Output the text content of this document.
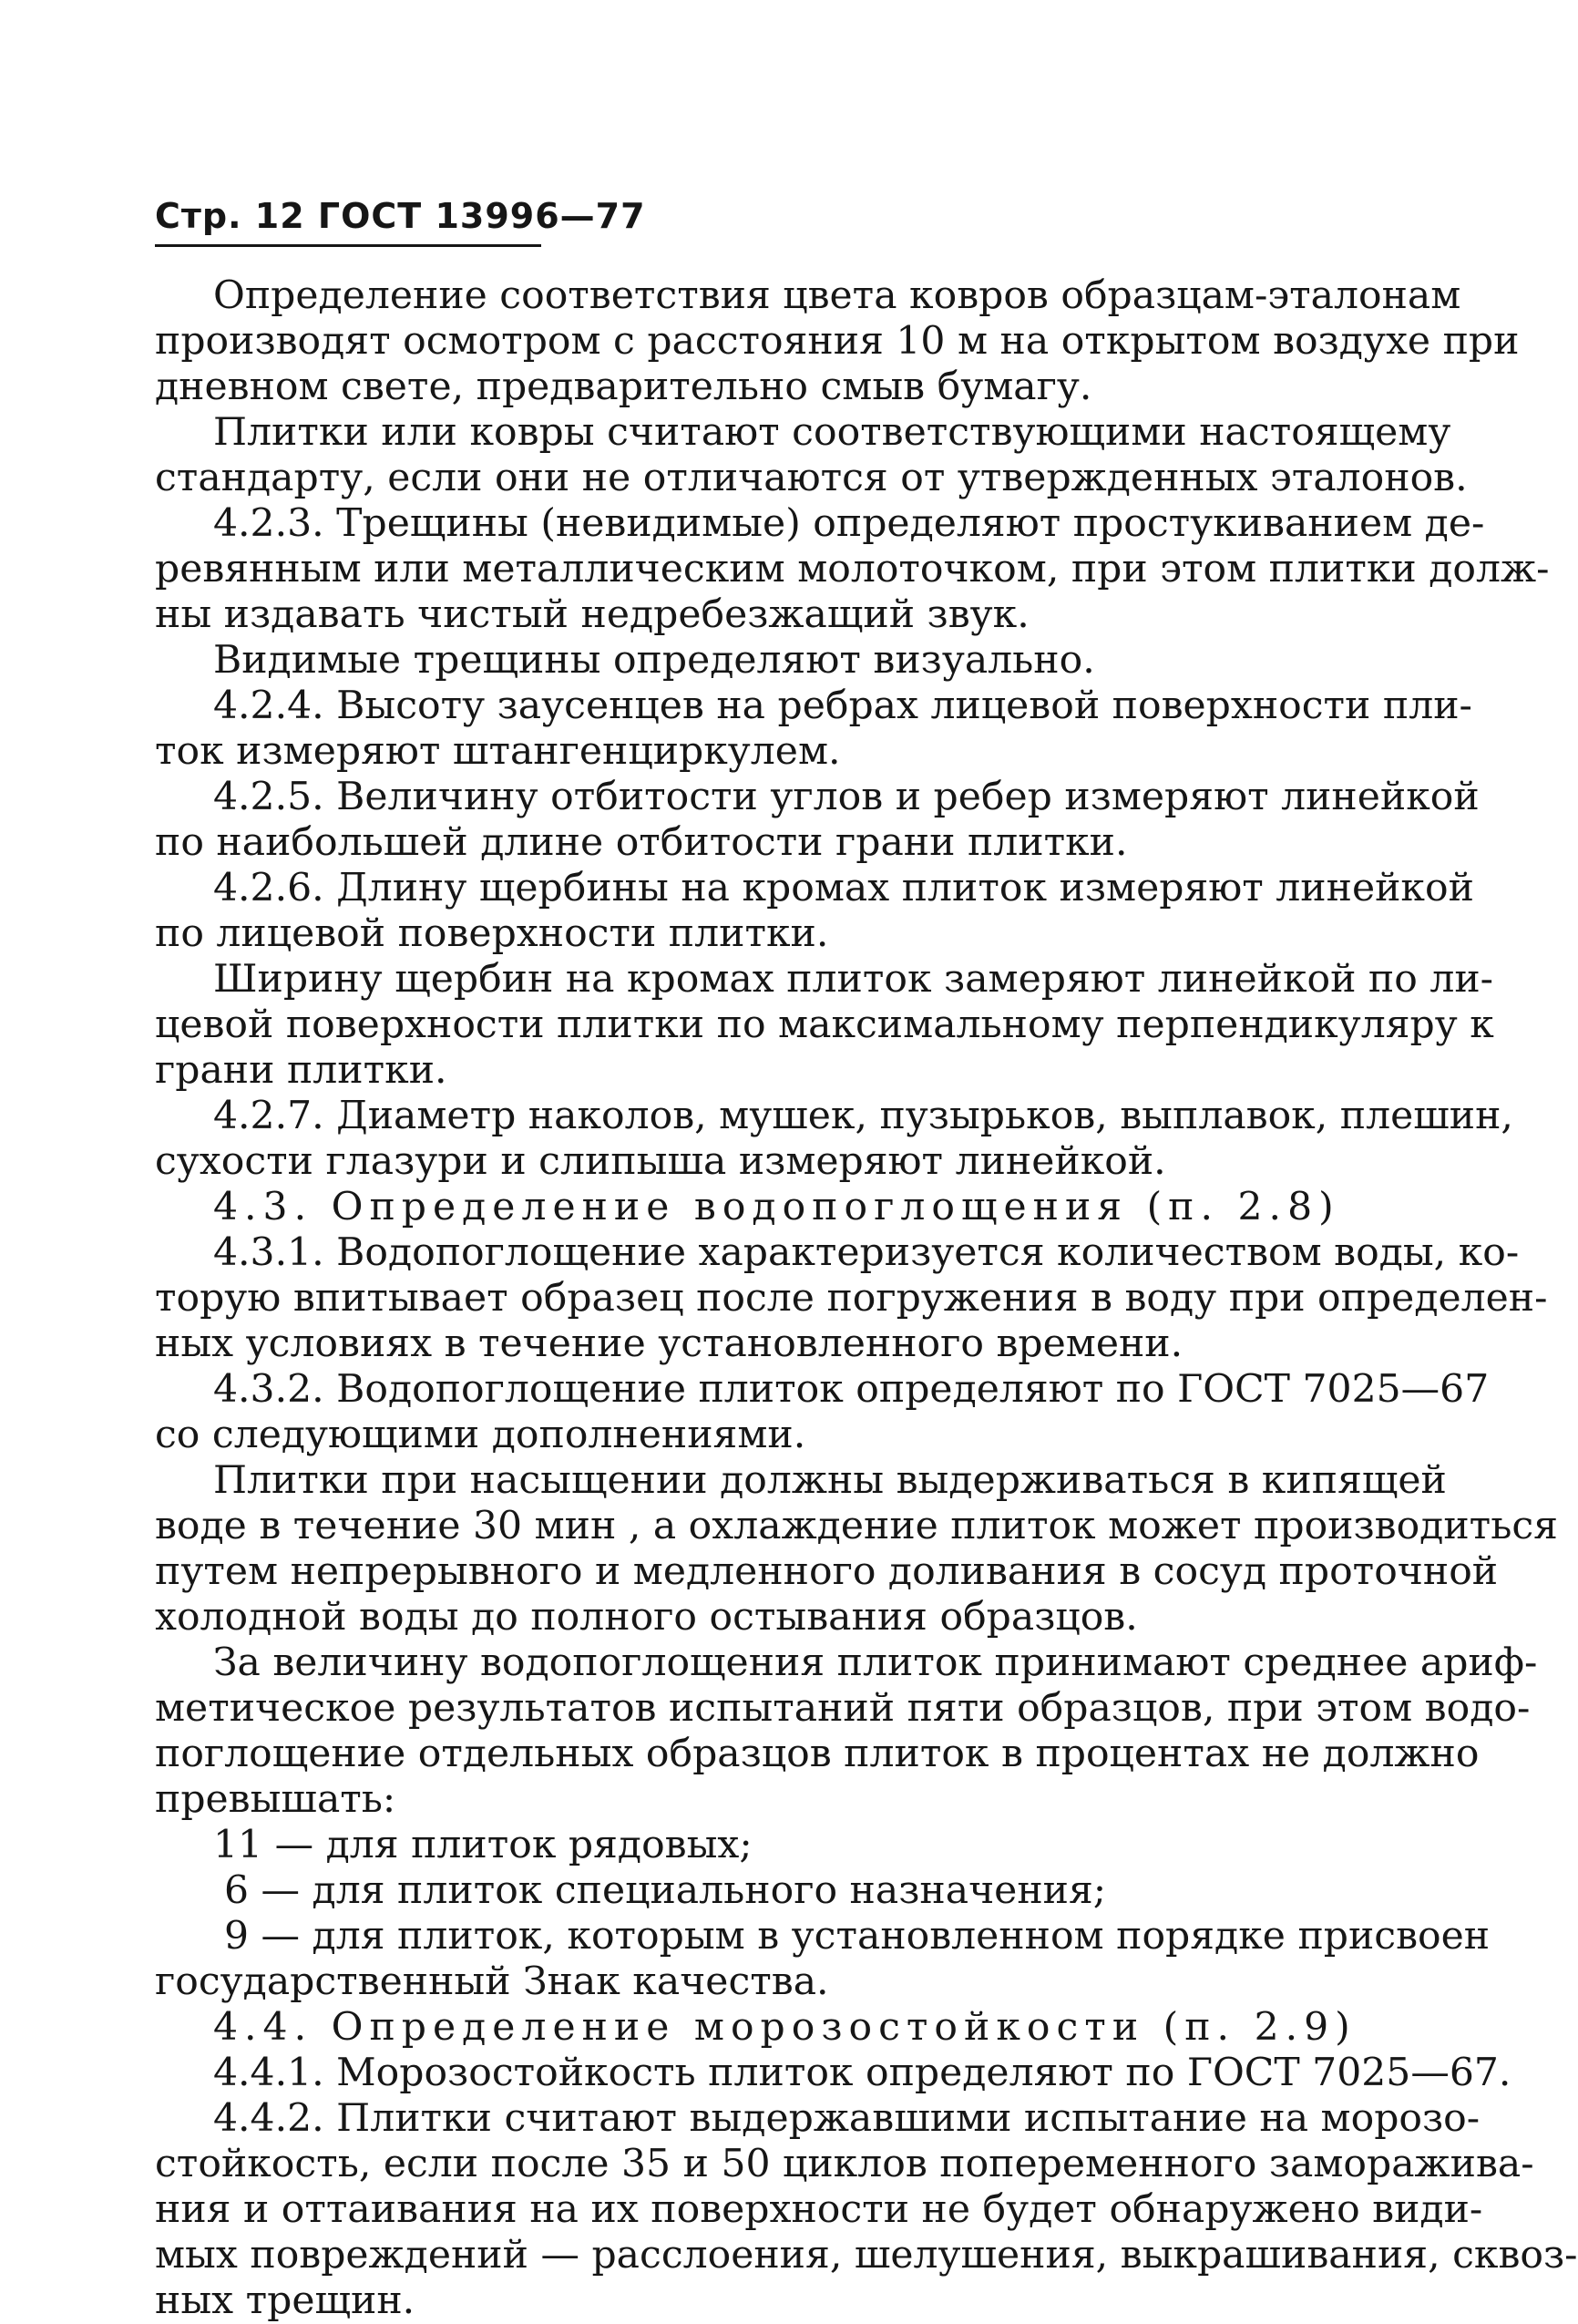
Стр. 12 ГОСТ 13996—77
Определение соответствия цвета ковров образцам-эталонам
производят осмотром с расстояния 10 м на открытом воздухе при
дневном свете, предварительно смыв бумагу.
Плитки или ковры считают соответствующими настоящему
стандарту, если они не отличаются от утвержденных эталонов.
4.2.3. Трещины (невидимые) определяют простукиванием де-
ревянным или металлическим молоточком, при этом плитки долж-
ны издавать чистый недребезжащий звук.
Видимые трещины определяют визуально.
4.2.4. Высоту заусенцев на ребрах лицевой поверхности пли-
ток измеряют штангенциркулем.
4.2.5. Величину отбитости углов и ребер измеряют линейкой
по наибольшей длине отбитости грани плитки.
4.2.6. Длину щербины на кромах плиток измеряют линейкой
по лицевой поверхности плитки.
Ширину щербин на кромах плиток замеряют линейкой по ли-
цевой поверхности плитки по максимальному перпендикуляру к
грани плитки.
4.2.7. Диаметр наколов, мушек, пузырьков, выплавок, плешин,
сухости глазури и слипыша измеряют линейкой.
4.3. Определение водопоглощения (п. 2.8)
4.3.1. Водопоглощение характеризуется количеством воды, ко-
торую впитывает образец после погружения в воду при определен-
ных условиях в течение установленного времени.
4.3.2. Водопоглощение плиток определяют по ГОСТ 7025—67
со следующими дополнениями.
Плитки при насыщении должны выдерживаться в кипящей
воде в течение 30 мин , а охлаждение плиток может производиться
путем непрерывного и медленного доливания в сосуд проточной
холодной воды до полного остывания образцов.
За величину водопоглощения плиток принимают среднее ариф-
метическое результатов испытаний пяти образцов, при этом водо-
поглощение отдельных образцов плиток в процентах не должно
превышать:
11 — для плиток рядовых;
6 — для плиток специального назначения;
9 — для плиток, которым в установленном порядке присвоен
государственный Знак качества.
4.4. Определение морозостойкости (п. 2.9)
4.4.1. Морозостойкость плиток определяют по ГОСТ 7025—67.
4.4.2. Плитки считают выдержавшими испытание на морозо-
стойкость, если после 35 и 50 циклов попеременного заморажива-
ния и оттаивания на их поверхности не будет обнаружено види-
мых повреждений — расслоения, шелушения, выкрашивания, сквоз-
ных трещин.
